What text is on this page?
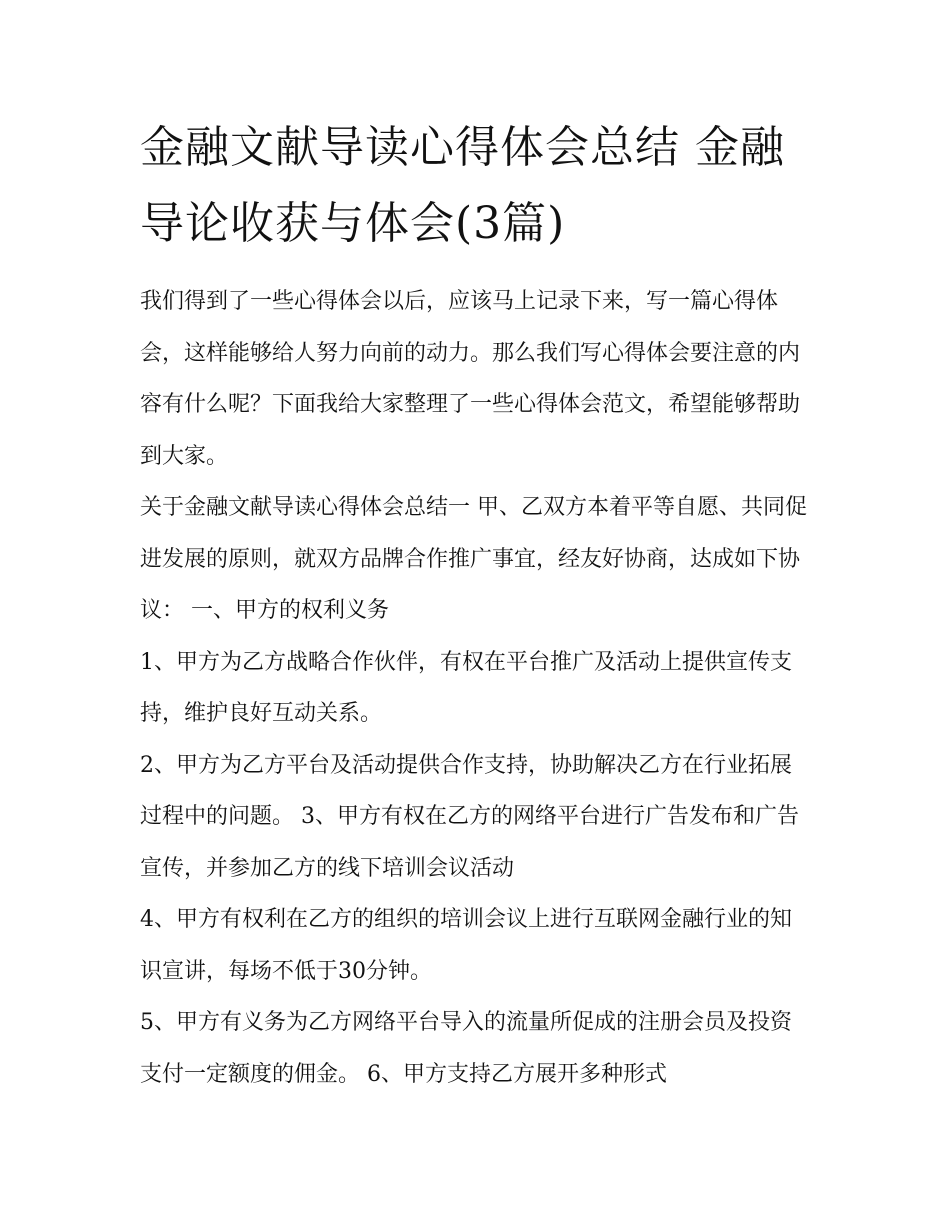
金融文献导读心得体会总结 金融导论收获与体会(3篇)

我们得到了一些心得体会以后，应该马上记录下来，写一篇心得体会，这样能够给人努力向前的动力。那么我们写心得体会要注意的内容有什么呢？下面我给大家整理了一些心得体会范文，希望能够帮助到大家。

关于金融文献导读心得体会总结一 甲、乙双方本着平等自愿、共同促进发展的原则，就双方品牌合作推广事宜，经友好协商，达成如下协议： 一、甲方的权利义务

1、甲方为乙方战略合作伙伴，有权在平台推广及活动上提供宣传支持，维护良好互动关系。

2、甲方为乙方平台及活动提供合作支持，协助解决乙方在行业拓展过程中的问题。 3、甲方有权在乙方的网络平台进行广告发布和广告宣传，并参加乙方的线下培训会议活动

4、甲方有权利在乙方的组织的培训会议上进行互联网金融行业的知识宣讲，每场不低于30分钟。

5、甲方有义务为乙方网络平台导入的流量所促成的注册会员及投资支付一定额度的佣金。 6、甲方支持乙方展开多种形式
